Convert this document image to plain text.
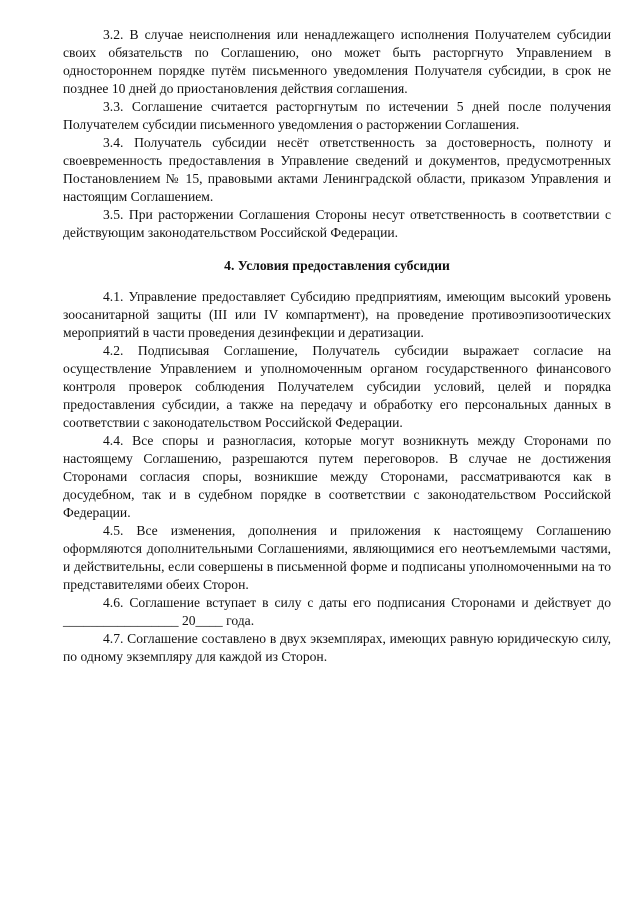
3.2. В случае неисполнения или ненадлежащего исполнения Получателем субсидии своих обязательств по Соглашению, оно может быть расторгнуто Управлением в одностороннем порядке путём письменного уведомления Получателя субсидии, в срок не позднее 10 дней до приостановления действия соглашения.

3.3. Соглашение считается расторгнутым по истечении 5 дней после получения Получателем субсидии письменного уведомления о расторжении Соглашения.

3.4. Получатель субсидии несёт ответственность за достоверность, полноту и своевременность предоставления в Управление сведений и документов, предусмотренных Постановлением № 15, правовыми актами Ленинградской области, приказом Управления и настоящим Соглашением.

3.5. При расторжении Соглашения Стороны несут ответственность в соответствии с действующим законодательством Российской Федерации.

4. Условия предоставления субсидии

4.1. Управление предоставляет Субсидию предприятиям, имеющим высокий уровень зоосанитарной защиты (III или IV компартмент), на проведение противоэпизоотических мероприятий в части проведения дезинфекции и дератизации.

4.2. Подписывая Соглашение, Получатель субсидии выражает согласие на осуществление Управлением и уполномоченным органом государственного финансового контроля проверок соблюдения Получателем субсидии условий, целей и порядка предоставления субсидии, а также на передачу и обработку его персональных данных в соответствии с законодательством Российской Федерации.

4.4. Все споры и разногласия, которые могут возникнуть между Сторонами по настоящему Соглашению, разрешаются путем переговоров. В случае не достижения Сторонами согласия споры, возникшие между Сторонами, рассматриваются как в досудебном, так и в судебном порядке в соответствии с законодательством Российской Федерации.

4.5. Все изменения, дополнения и приложения к настоящему Соглашению оформляются дополнительными Соглашениями, являющимися его неотъемлемыми частями, и действительны, если совершены в письменной форме и подписаны уполномоченными на то представителями обеих Сторон.

4.6. Соглашение вступает в силу с даты его подписания Сторонами и действует до _________________ 20____ года.

4.7. Соглашение составлено в двух экземплярах, имеющих равную юридическую силу, по одному экземпляру для каждой из Сторон.
